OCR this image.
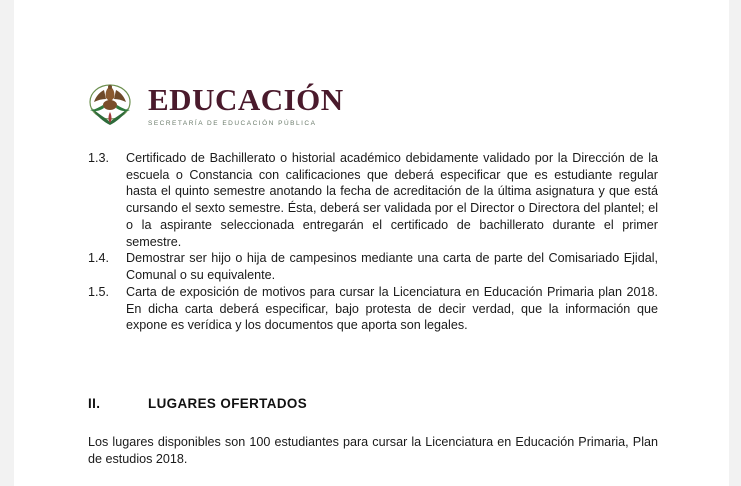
EDUCACIÓN
SECRETARÍA DE EDUCACIÓN PÚBLICA
1.3.	Certificado de Bachillerato o historial académico debidamente validado por la Dirección de la escuela o Constancia con calificaciones que deberá especificar que es estudiante regular hasta el quinto semestre anotando la fecha de acreditación de la última asignatura y que está cursando el sexto semestre. Ésta, deberá ser validada por el Director o Directora del plantel; el o la aspirante seleccionada entregarán el certificado de bachillerato durante el primer semestre.
1.4.	Demostrar ser hijo o hija de campesinos mediante una carta de parte del Comisariado Ejidal, Comunal o su equivalente.
1.5.	Carta de exposición de motivos para cursar la Licenciatura en Educación Primaria plan 2018. En dicha carta deberá especificar, bajo protesta de decir verdad, que la información que expone es verídica y los documentos que aporta son legales.
II.	LUGARES OFERTADOS
Los lugares disponibles son 100 estudiantes para cursar la Licenciatura en Educación Primaria, Plan de estudios 2018.
